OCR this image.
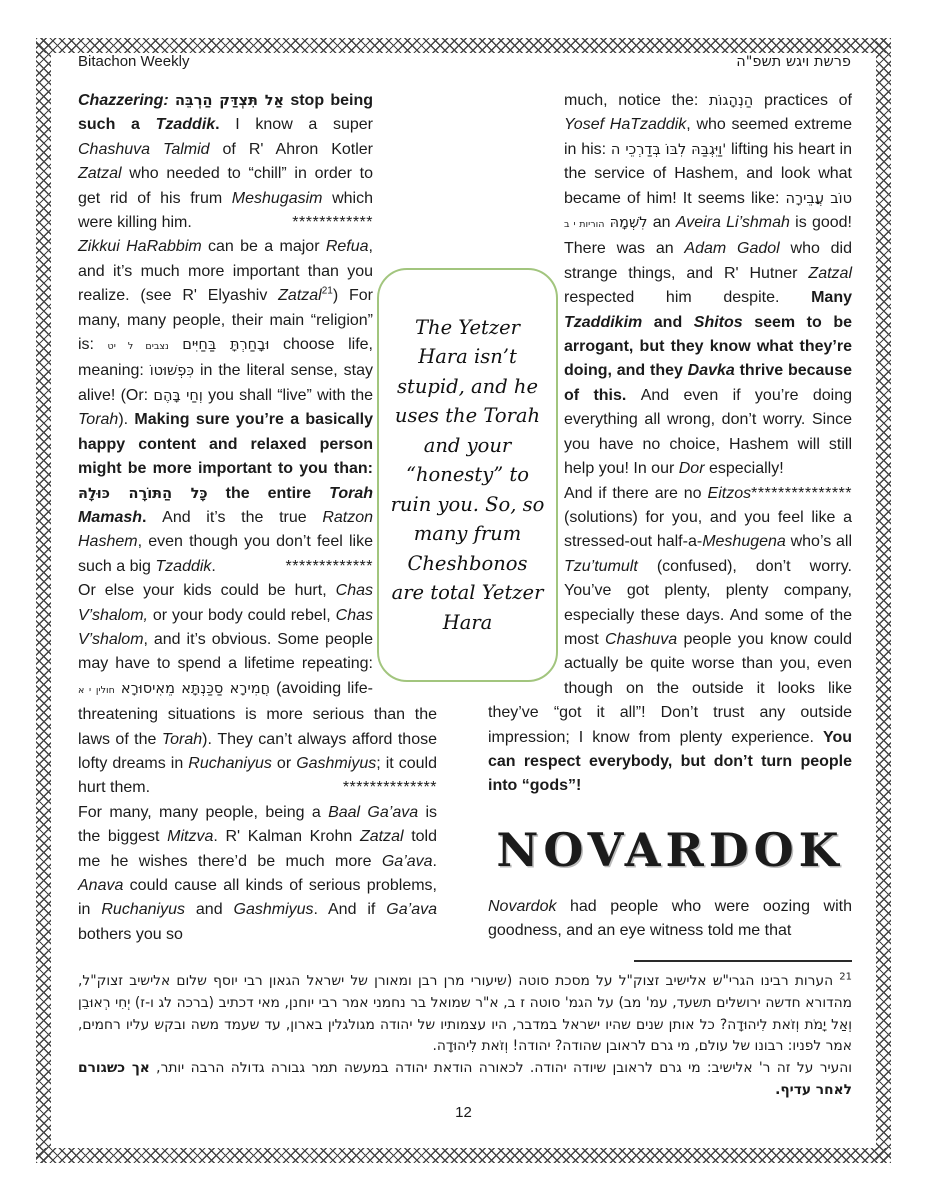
Bitachon Weekly	פרשת ויגש תשפ"ה

Chazzering: אַל תִּצְדַּק הַרְבֵּה stop being such a Tzaddik. I know a super Chashuva Talmid of R' Ahron Kotler Zatzal who needed to “chill” in order to get rid of his frum Meshugasim which were killing him.	************

Zikkui HaRabbim can be a major Refua, and it’s much more important than you realize. (see R' Elyashiv Zatzal$^{21}$) For many, many people, their main “religion” is:	וּבָחַרְתָּ בַּחַיִּים נצבים ל יט	choose life, meaning: כִּפְשׁוּטוֹ in the literal sense, stay alive! (Or: וְחַי בָּהֶם you shall “live” with the Torah). Making sure you’re a basically happy content and relaxed person might be more important to you than: כָּל הַתּוֹרָה כּוּלָהּ the entire Torah Mamash. And it’s the true Ratzon Hashem, even though you don’t feel like such a big Tzaddik.	*************

Or else your kids could be hurt, Chas V’shalom, or your body could rebel, Chas V’shalom, and it’s obvious. Some people may have to spend a lifetime repeating: חֲמִירָא סַכַּנְתָּא מֵאִיסוּרָא חולין י א	(avoiding life-threatening situations is more serious than the laws of the Torah). They can’t always afford those lofty dreams in Ruchaniyus or Gashmiyus; it could hurt them.	**************

For many, many people, being a Baal Ga’ava is the biggest Mitzva. R' Kalman Krohn Zatzal told me he wishes there’d be much more Ga’ava. Anava could cause all kinds of serious problems, in Ruchaniyus and Gashmiyus. And if Ga’ava bothers you so

much, notice the: הַנְהָגוֹת practices of Yosef HaTzaddik, who seemed extreme in his: וַיִּגְבַּהּ לִבּוֹ בְּדַרְכֵי ה' lifting his heart in the service of Hashem, and look what became of him! It seems like: טוֹב עֲבֵירָה לִשְׁמָהּ הוריות י ב	an Aveira Li’shmah is good! There was an Adam Gadol who did strange things, and R' Hutner Zatzal respected him despite. Many Tzaddikim and Shitos seem to be arrogant, but they know what they’re doing, and they Davka thrive because of this. And even if you’re doing everything all wrong, don’t worry. Since you have no choice, Hashem will still help you! In our Dor especially!
***************

And if there are no Eitzos (solutions) for you, and you feel like a stressed-out half-a-Meshugena who’s all Tzu’tumult (confused), don’t worry. You’ve got plenty, plenty company, especially these days. And some of the most Chashuva people you know could actually be quite worse than you, even though on the outside it looks like they’ve “got it all”! Don’t trust any outside impression; I know from plenty experience. You can respect everybody, but don’t turn people into “gods”!

NOVARDOK

Novardok had people who were oozing with goodness, and an eye witness told me that

The Yetzer Hara isn’t stupid, and he uses the Torah and your “honesty” to ruin you. So, so many frum Cheshbonos are total Yetzer Hara

$^{21}$ הערות רבינו הגרי"ש אלישיב זצוק"ל על מסכת סוטה (שיעורי מרן רבן ומאורן של ישראל הגאון רבי יוסף שלום אלישיב זצוק"ל, מהדורא חדשה ירושלים תשעד, עמ' מב) על הגמ' סוטה ז ב, א"ר שמואל בר נחמני אמר רבי יוחנן, מאי דכתיב (ברכה לג ו-ז) יְחִי רְאוּבֵן וְאַל יָמֹת וְזֹאת לִיהוּדָה? כל אותן שנים שהיו ישראל במדבר, היו עצמותיו של יהודה מגולגלין בארון, עד שעמד משה ובקש עליו רחמים, אמר לפניו: רבונו של עולם, מי גרם לראובן שהודה? יהודה! וְזֹאת לִיהוּדָה.

והעיר על זה ר' אלישיב: מי גרם לראובן שיודה יהודה. לכאורה הודאת יהודה במעשה תמר גבורה גדולה הרבה יותר, אך כשגורם לאחר עדיף.

12
